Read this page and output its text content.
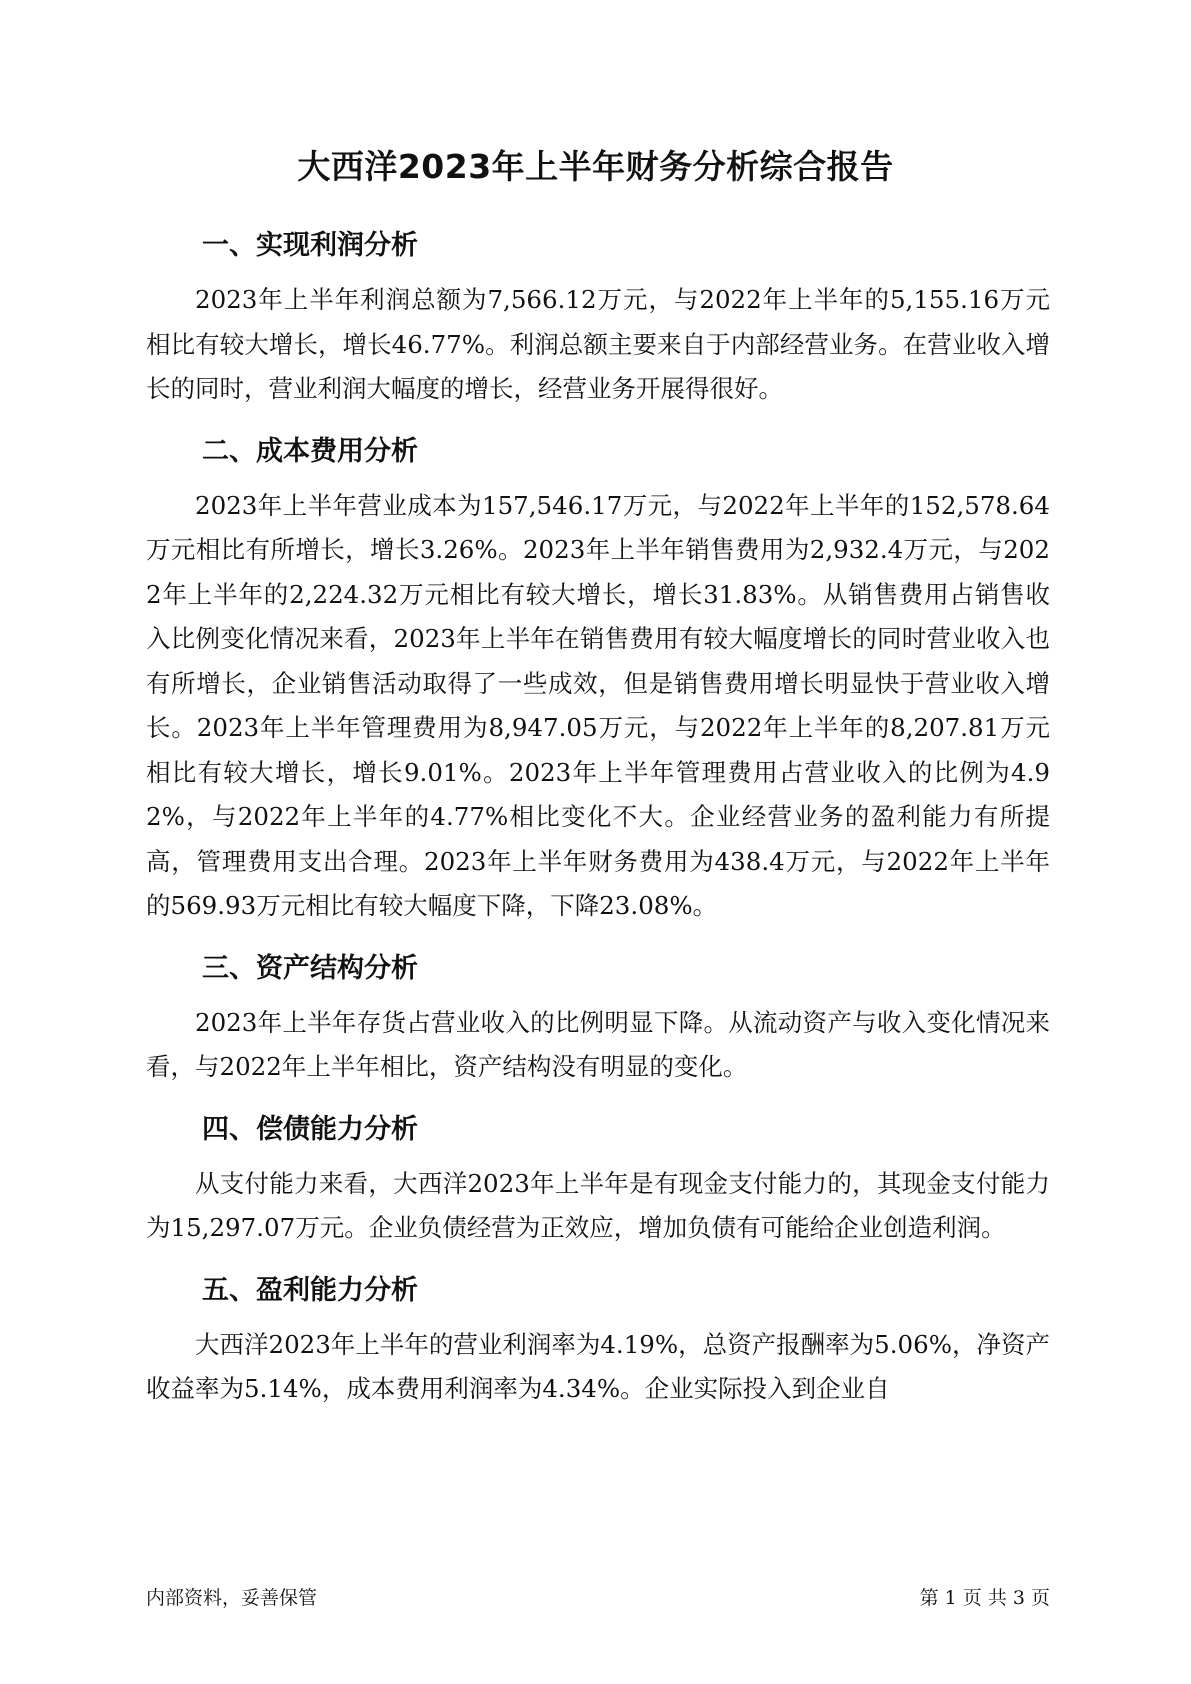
大西洋2023年上半年财务分析综合报告
一、实现利润分析

2023年上半年利润总额为7,566.12万元，与2022年上半年的5,155.16万元相比有较大增长，增长46.77%。利润总额主要来自于内部经营业务。在营业收入增长的同时，营业利润大幅度的增长，经营业务开展得很好。

二、成本费用分析

2023年上半年营业成本为157,546.17万元，与2022年上半年的152,578.64万元相比有所增长，增长3.26%。2023年上半年销售费用为2,932.4万元，与2022年上半年的2,224.32万元相比有较大增长，增长31.83%。从销售费用占销售收入比例变化情况来看，2023年上半年在销售费用有较大幅度增长的同时营业收入也有所增长，企业销售活动取得了一些成效，但是销售费用增长明显快于营业收入增长。2023年上半年管理费用为8,947.05万元，与2022年上半年的8,207.81万元相比有较大增长，增长9.01%。2023年上半年管理费用占营业收入的比例为4.92%，与2022年上半年的4.77%相比变化不大。企业经营业务的盈利能力有所提高，管理费用支出合理。2023年上半年财务费用为438.4万元，与2022年上半年的569.93万元相比有较大幅度下降，下降23.08%。

三、资产结构分析

2023年上半年存货占营业收入的比例明显下降。从流动资产与收入变化情况来看，与2022年上半年相比，资产结构没有明显的变化。

四、偿债能力分析

从支付能力来看，大西洋2023年上半年是有现金支付能力的，其现金支付能力为15,297.07万元。企业负债经营为正效应，增加负债有可能给企业创造利润。

五、盈利能力分析

大西洋2023年上半年的营业利润率为4.19%，总资产报酬率为5.06%，净资产收益率为5.14%，成本费用利润率为4.34%。企业实际投入到企业自

内部资料，妥善保管	第 1 页 共 3 页
